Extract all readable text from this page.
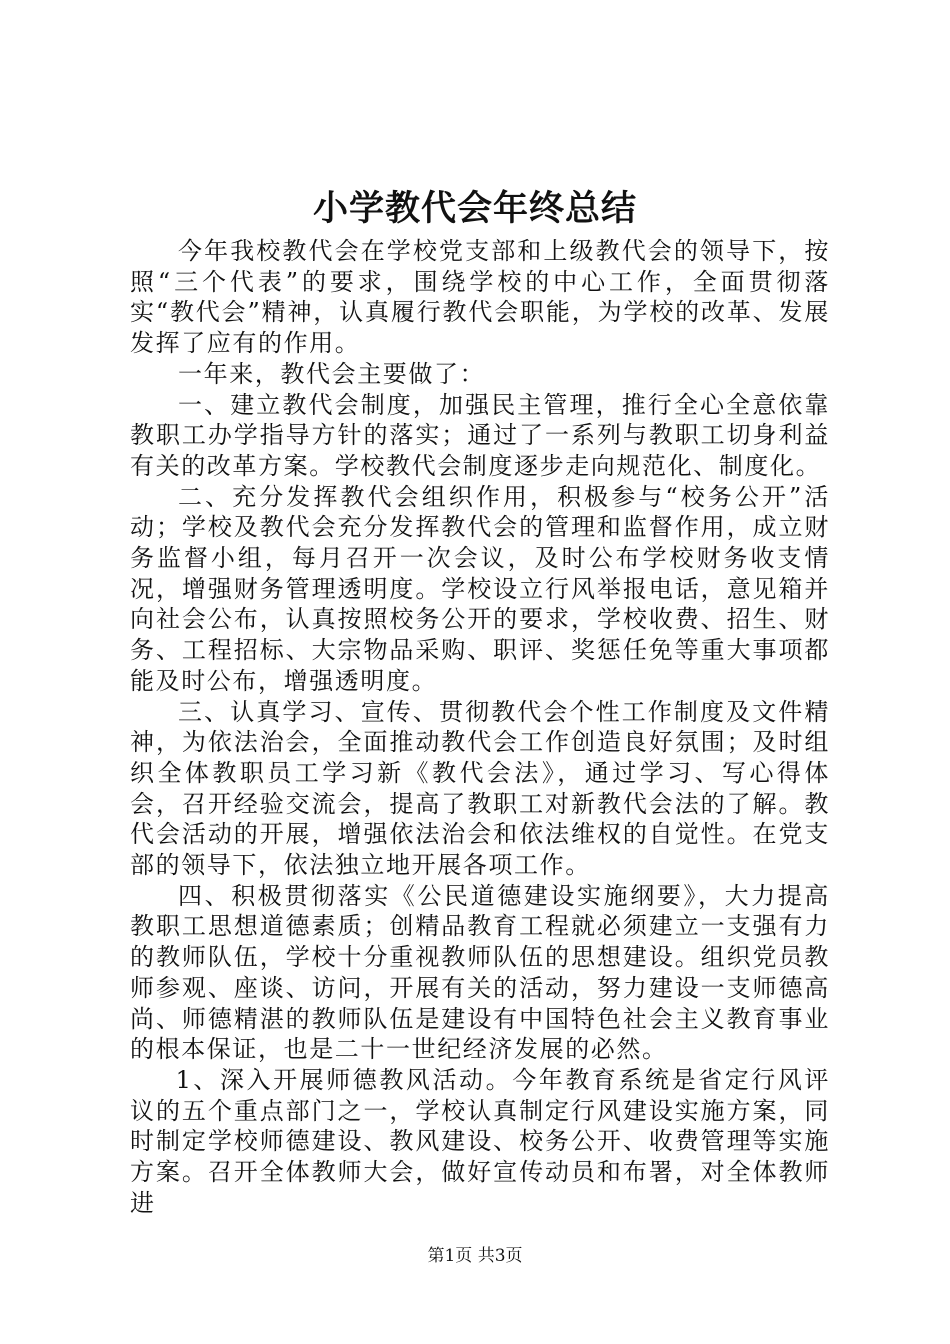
小学教代会年终总结

今年我校教代会在学校党支部和上级教代会的领导下，按照“三个代表”的要求，围绕学校的中心工作，全面贯彻落实“教代会”精神，认真履行教代会职能，为学校的改革、发展发挥了应有的作用。

一年来，教代会主要做了：

一、建立教代会制度，加强民主管理，推行全心全意依靠教职工办学指导方针的落实；通过了一系列与教职工切身利益有关的改革方案。学校教代会制度逐步走向规范化、制度化。

二、充分发挥教代会组织作用，积极参与“校务公开”活动；学校及教代会充分发挥教代会的管理和监督作用，成立财务监督小组，每月召开一次会议，及时公布学校财务收支情况，增强财务管理透明度。学校设立行风举报电话，意见箱并向社会公布，认真按照校务公开的要求，学校收费、招生、财务、工程招标、大宗物品采购、职评、奖惩任免等重大事项都能及时公布，增强透明度。

三、认真学习、宣传、贯彻教代会个性工作制度及文件精神，为依法治会，全面推动教代会工作创造良好氛围；及时组织全体教职员工学习新《教代会法》，通过学习、写心得体会，召开经验交流会，提高了教职工对新教代会法的了解。教代会活动的开展，增强依法治会和依法维权的自觉性。在党支部的领导下，依法独立地开展各项工作。

四、积极贯彻落实《公民道德建设实施纲要》，大力提高教职工思想道德素质；创精品教育工程就必须建立一支强有力的教师队伍，学校十分重视教师队伍的思想建设。组织党员教师参观、座谈、访问，开展有关的活动，努力建设一支师德高尚、师德精湛的教师队伍是建设有中国特色社会主义教育事业的根本保证，也是二十一世纪经济发展的必然。

1、深入开展师德教风活动。今年教育系统是省定行风评议的五个重点部门之一，学校认真制定行风建设实施方案，同时制定学校师德建设、教风建设、校务公开、收费管理等实施方案。召开全体教师大会，做好宣传动员和布署，对全体教师进

第1页 共3页
